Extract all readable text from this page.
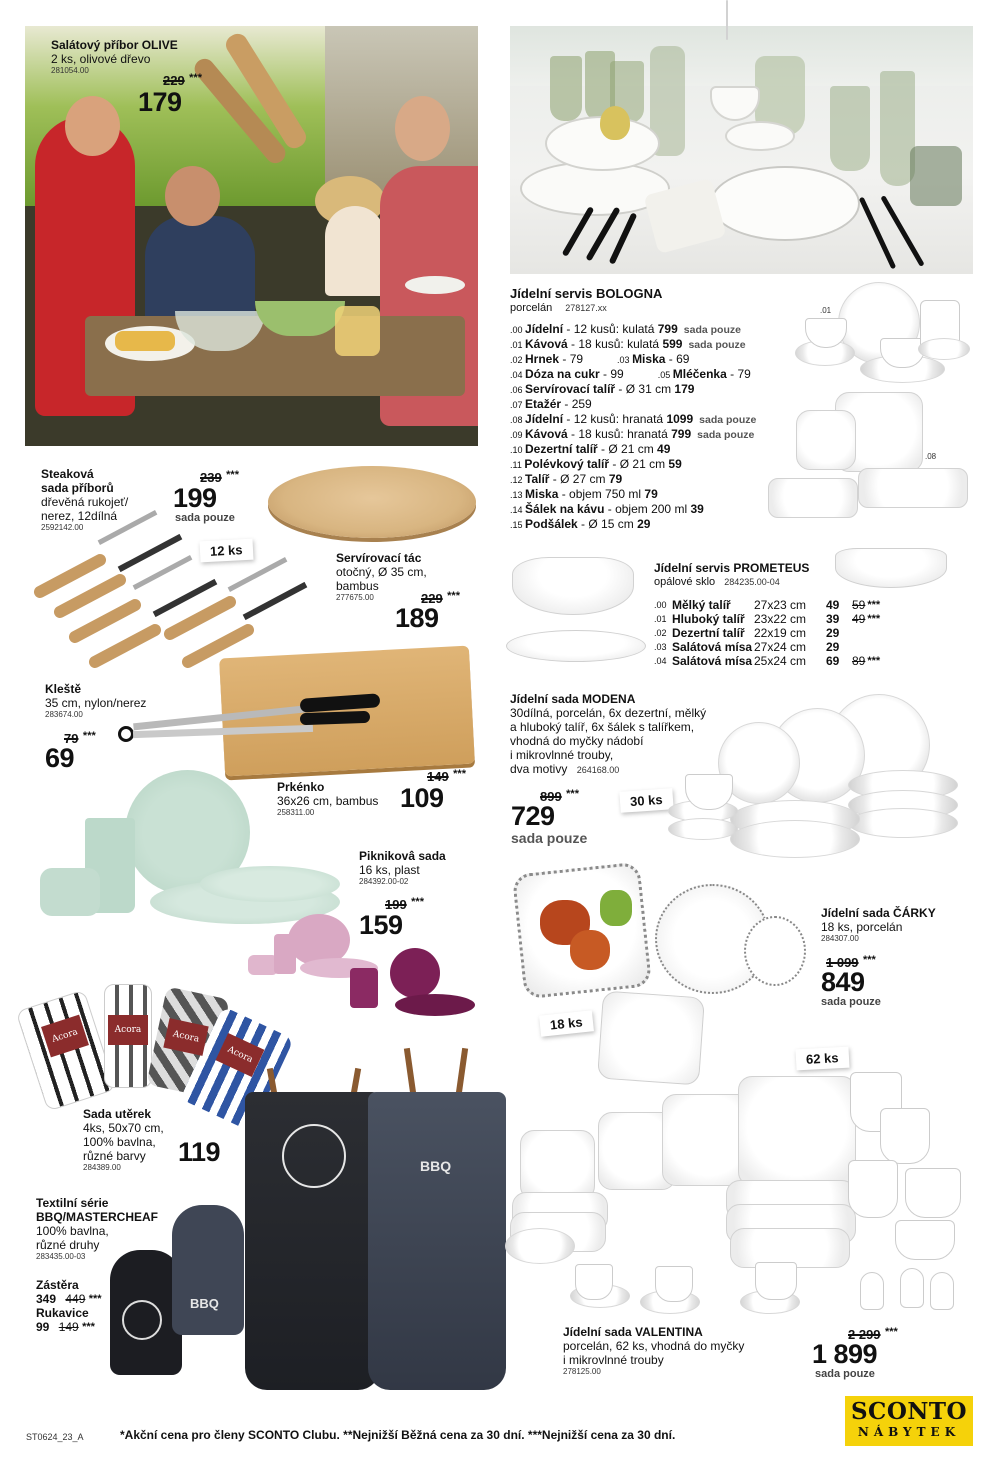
Salátový příbor OLIVE
2 ks, olivové dřevo
281054.00
229 ***
179
Jídelní servis BOLOGNA
porcelán 278127.xx
.00 Jídelní - 12 kusů: kulatá 799 sada pouze
.01 Kávová - 18 kusů: kulatá 599 sada pouze
.02 Hrnek - 79	.03 Miska - 69
.04 Dóza na cukr - 99	.05 Mléčenka - 79
.06 Servírovací talíř - Ø 31 cm 179
.07 Etažér - 259
.08 Jídelní - 12 kusů: hranatá 1099 sada pouze
.09 Kávová - 18 kusů: hranatá 799 sada pouze
.10 Dezertní talíř - Ø 21 cm 49
.11 Polévkový talíř - Ø 21 cm 59
.12 Talíř - Ø 27 cm 79
.13 Miska - objem 750 ml 79
.14 Šálek na kávu - objem 200 ml 39
.15 Podšálek - Ø 15 cm 29
.01
.08
Steaková
sada příborů
dřevěná rukojeť/
nerez, 12dílná
2592142.00
239 ***
199
sada pouze
12 ks	Servírovací tác
otočný, Ø 35 cm,
bambus
277675.00	229 ***
189
Jídelní servis PROMETEUS
opálové sklo 284235.00-04
.00 Mělký talíř	27x23 cm	49	59 ***
.01 Hluboký talíř 23x22 cm	39	49 ***
.02 Dezertní talíř 22x19 cm	29
.03 Salátová mísa 27x24 cm	29
.04 Salátová mísa 25x24 cm	69	89 ***
Kleště
35 cm, nylon/nerez
283674.00
79 ***
69
Prkénko
36x26 cm, bambus
258311.00
149 ***
109
Jídelní sada MODENA
30dílná, porcelán, 6x dezertní, mělký
a hluboký talíř, 6x šálek s talířkem,
vhodná do myčky nádobí
i mikrovlnné trouby,
dva motivy 264168.00
899 ***
729
sada pouze
30 ks
Piknikovâ sada
16 ks, plast
284392.00-02
199 ***
159
18 ks
Jídelní sada ČÁRKY
18 ks, porcelán
284307.00
1 099 ***
849
sada pouze
Acora	Acora	Acora
Acora
Sada utěrek
4ks, 50x70 cm,
100% bavlna,
různé barvy
284389.00
119	BBQ
BBQ
Textilní série
BBQ/MASTERCHEAF
100% bavlna,
různé druhy
283435.00-03
Zástěra
349 449 ***
Rukavice
99 149 ***
62 ks
Jídelní sada VALENTINA
porcelán, 62 ks, vhodná do myčky
i mikrovlnné trouby
278125.00
2 299 ***
1 899
sada pouze
ST0624_23_A	*Akční cena pro členy SCONTO Clubu. **Nejnižší Běžná cena za 30 dní. ***Nejnižší cena za 30 dní.
SCONTO
NÁBYTEK
